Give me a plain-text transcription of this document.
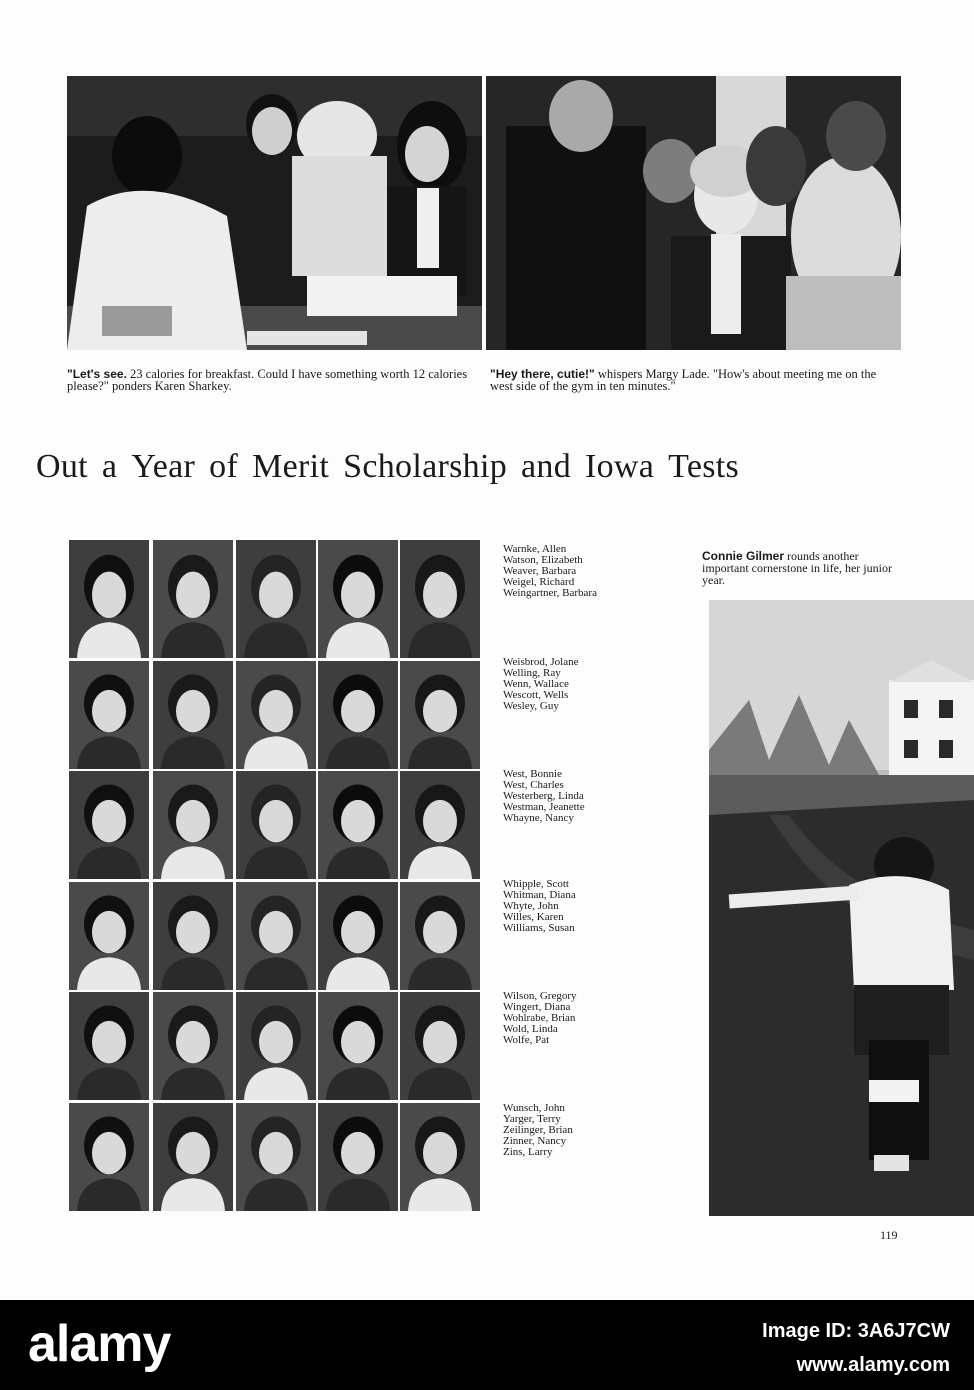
"Let's see. 23 calories for breakfast. Could I have something worth 12 calories please?" ponders Karen Sharkey.
"Hey there, cutie!" whispers Margy Lade. "How's about meeting me on the west side of the gym in ten minutes."
Out a Year of Merit Scholarship and Iowa Tests
Warnke, Allen
Watson, Elizabeth
Weaver, Barbara
Weigel, Richard
Weingartner, Barbara
Weisbrod, Jolane
Welling, Ray
Wenn, Wallace
Wescott, Wells
Wesley, Guy
West, Bonnie
West, Charles
Westerberg, Linda
Westman, Jeanette
Whayne, Nancy
Whipple, Scott
Whitman, Diana
Whyte, John
Willes, Karen
Williams, Susan
Wilson, Gregory
Wingert, Diana
Wohlrabe, Brian
Wold, Linda
Wolfe, Pat
Wunsch, John
Yarger, Terry
Zeilinger, Brian
Zinner, Nancy
Zins, Larry
Connie Gilmer rounds another important cornerstone in life, her junior year.
119
alamy	Image ID: 3A6J7CW
www.alamy.com
